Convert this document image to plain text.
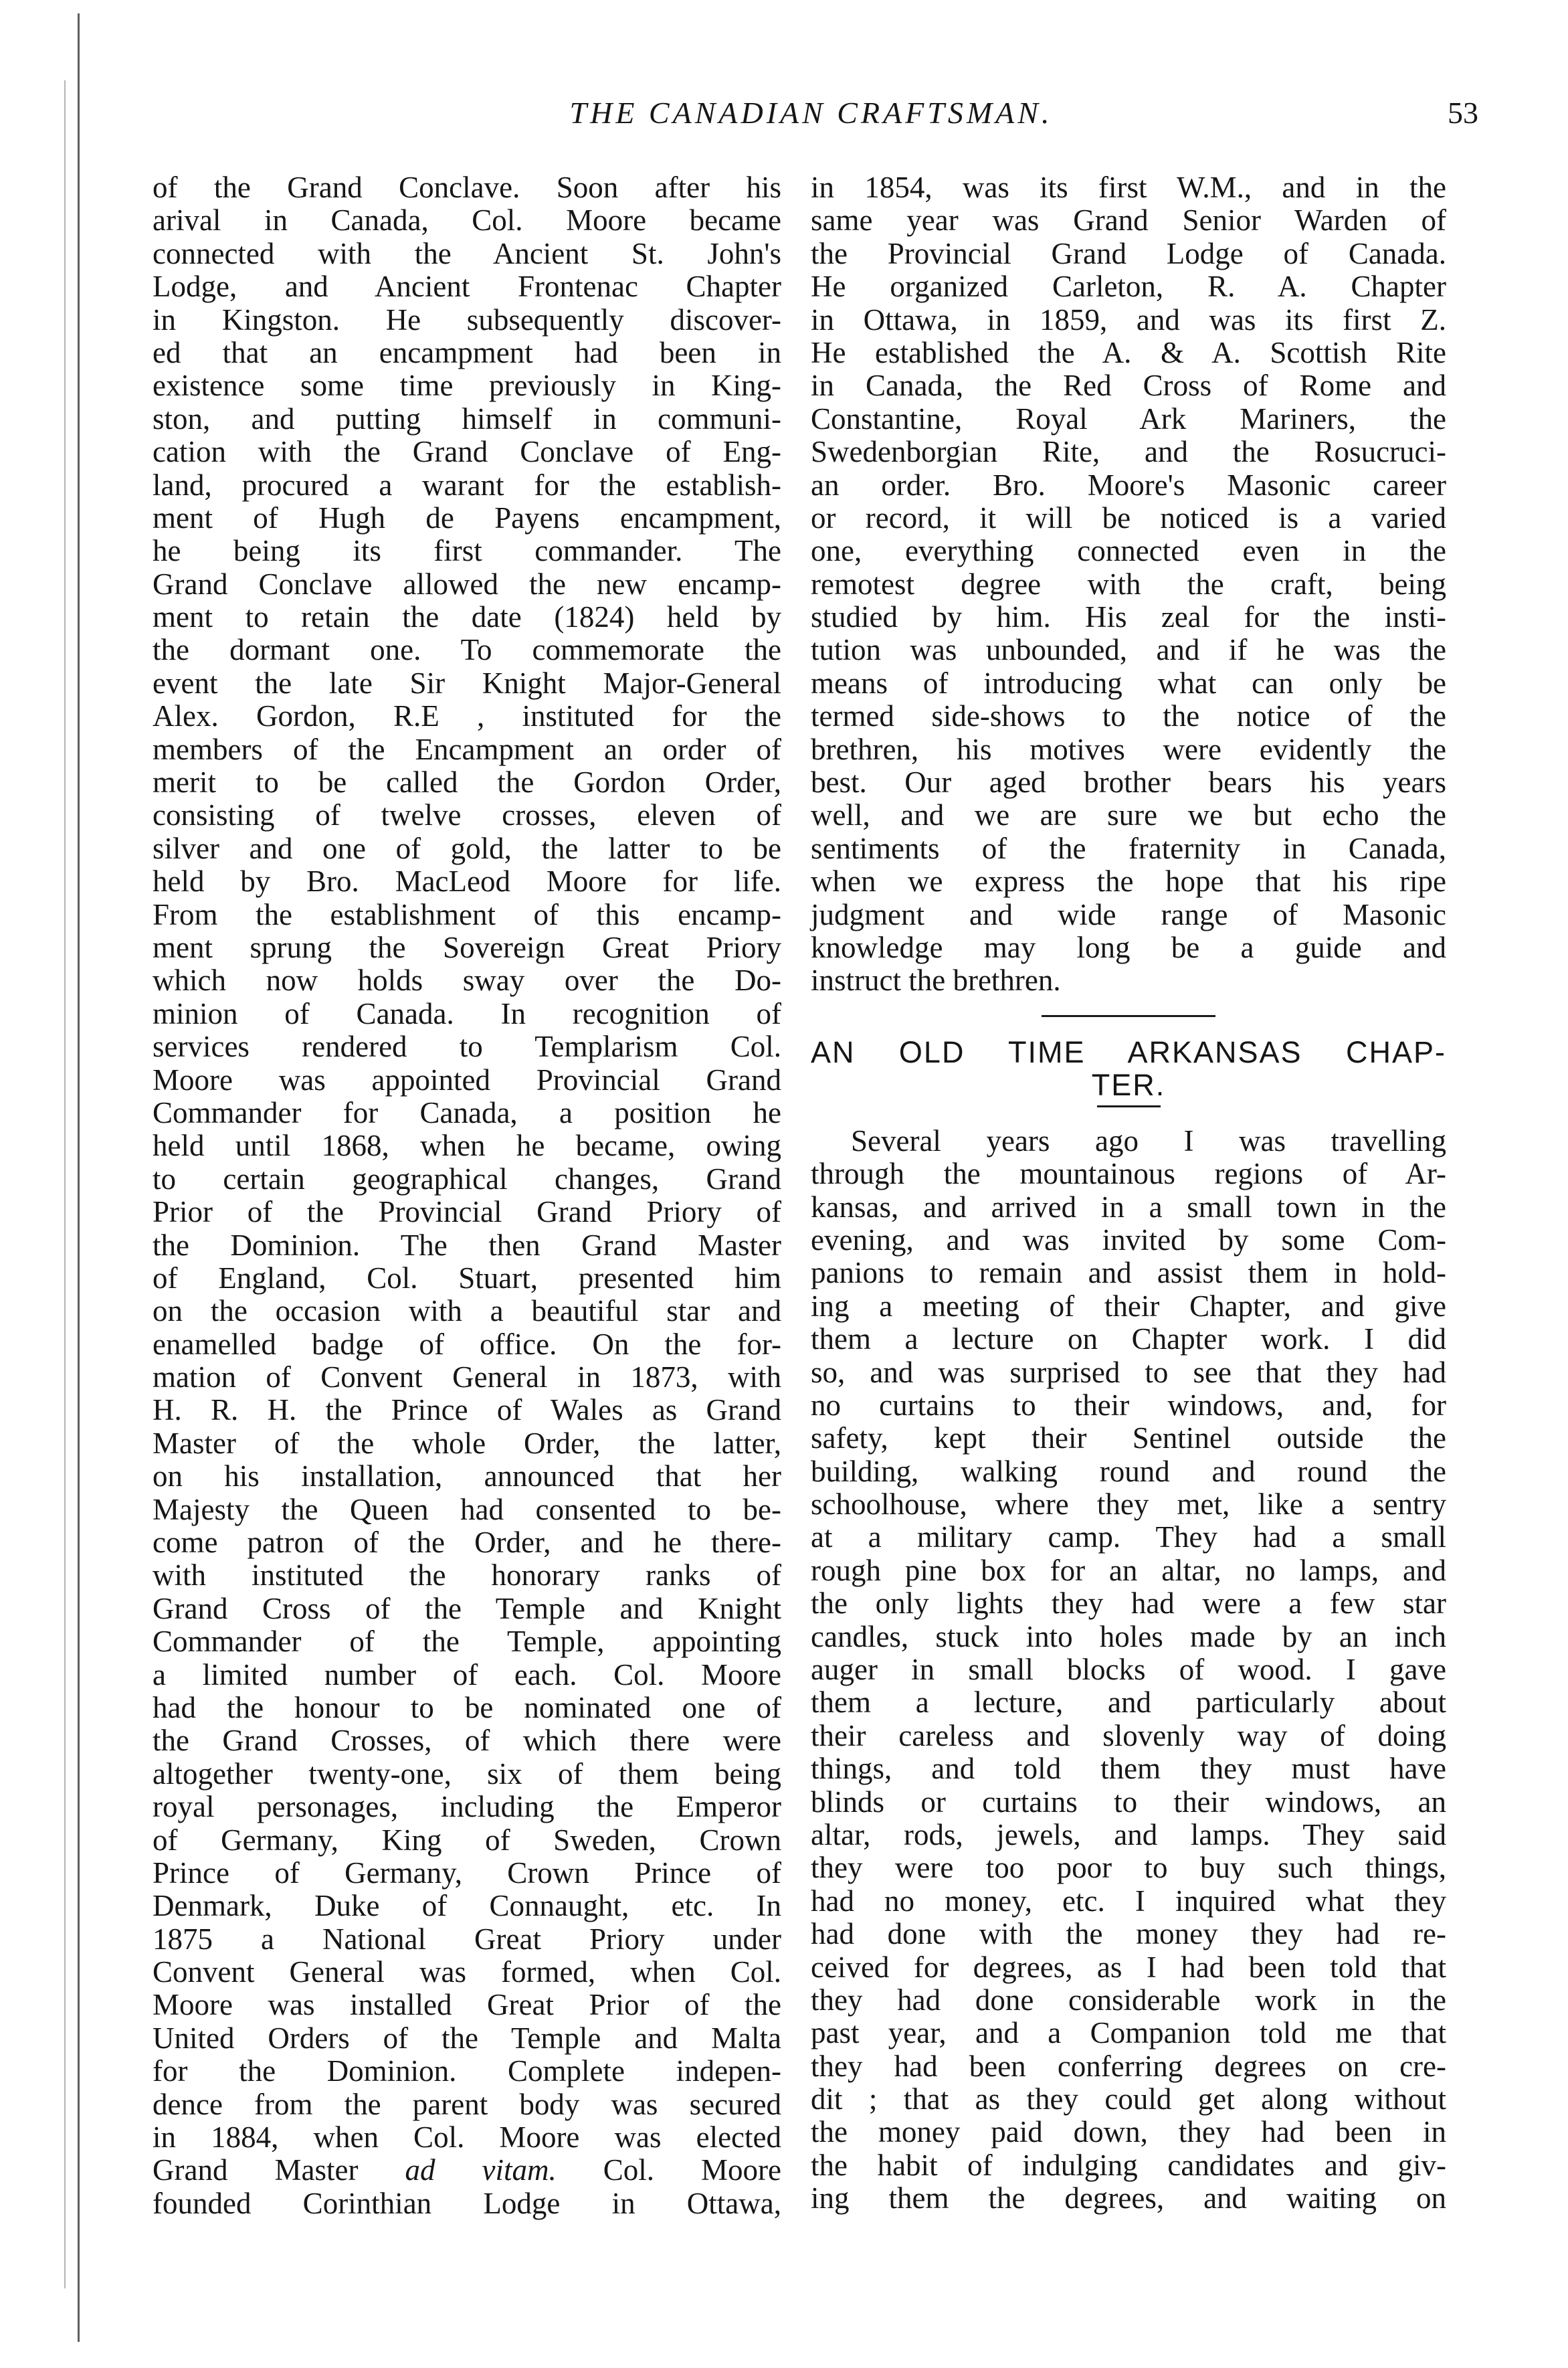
THE CANADIAN CRAFTSMAN.	53
of the Grand Conclave. Soon after his
arival in Canada, Col. Moore became
connected with the Ancient St. John's
Lodge, and Ancient Frontenac Chapter
in Kingston. He subsequently discover-
ed that an encampment had been in
existence some time previously in King-
ston, and putting himself in communi-
cation with the Grand Conclave of Eng-
land, procured a warant for the establish-
ment of Hugh de Payens encampment,
he being its first commander. The
Grand Conclave allowed the new encamp-
ment to retain the date (1824) held by
the dormant one. To commemorate the
event the late Sir Knight Major-General
Alex. Gordon, R.E , instituted for the
members of the Encampment an order of
merit to be called the Gordon Order,
consisting of twelve crosses, eleven of
silver and one of gold, the latter to be
held by Bro. MacLeod Moore for life.
From the establishment of this encamp-
ment sprung the Sovereign Great Priory
which now holds sway over the Do-
minion of Canada. In recognition of
services rendered to Templarism Col.
Moore was appointed Provincial Grand
Commander for Canada, a position he
held until 1868, when he became, owing
to certain geographical changes, Grand
Prior of the Provincial Grand Priory of
the Dominion. The then Grand Master
of England, Col. Stuart, presented him
on the occasion with a beautiful star and
enamelled badge of office. On the for-
mation of Convent General in 1873, with
H. R. H. the Prince of Wales as Grand
Master of the whole Order, the latter,
on his installation, announced that her
Majesty the Queen had consented to be-
come patron of the Order, and he there-
with instituted the honorary ranks of
Grand Cross of the Temple and Knight
Commander of the Temple, appointing
a limited number of each. Col. Moore
had the honour to be nominated one of
the Grand Crosses, of which there were
altogether twenty-one, six of them being
royal personages, including the Emperor
of Germany, King of Sweden, Crown
Prince of Germany, Crown Prince of
Denmark, Duke of Connaught, etc. In
1875 a National Great Priory under
Convent General was formed, when Col.
Moore was installed Great Prior of the
United Orders of the Temple and Malta
for the Dominion. Complete indepen-
dence from the parent body was secured
in 1884, when Col. Moore was elected
Grand Master ad vitam. Col. Moore
founded Corinthian Lodge in Ottawa,
in 1854, was its first W.M., and in the
same year was Grand Senior Warden of
the Provincial Grand Lodge of Canada.
He organized Carleton, R. A. Chapter
in Ottawa, in 1859, and was its first Z.
He established the A. & A. Scottish Rite
in Canada, the Red Cross of Rome and
Constantine, Royal Ark Mariners, the
Swedenborgian Rite, and the Rosucruci-
an order. Bro. Moore's Masonic career
or record, it will be noticed is a varied
one, everything connected even in the
remotest degree with the craft, being
studied by him. His zeal for the insti-
tution was unbounded, and if he was the
means of introducing what can only be
termed side-shows to the notice of the
brethren, his motives were evidently the
best. Our aged brother bears his years
well, and we are sure we but echo the
sentiments of the fraternity in Canada,
when we express the hope that his ripe
judgment and wide range of Masonic
knowledge may long be a guide and
instruct the brethren.
AN OLD TIME ARKANSAS CHAP-
TER.
Several years ago I was travelling
through the mountainous regions of Ar-
kansas, and arrived in a small town in the
evening, and was invited by some Com-
panions to remain and assist them in hold-
ing a meeting of their Chapter, and give
them a lecture on Chapter work. I did
so, and was surprised to see that they had
no curtains to their windows, and, for
safety, kept their Sentinel outside the
building, walking round and round the
schoolhouse, where they met, like a sentry
at a military camp. They had a small
rough pine box for an altar, no lamps, and
the only lights they had were a few star
candles, stuck into holes made by an inch
auger in small blocks of wood. I gave
them a lecture, and particularly about
their careless and slovenly way of doing
things, and told them they must have
blinds or curtains to their windows, an
altar, rods, jewels, and lamps. They said
they were too poor to buy such things,
had no money, etc. I inquired what they
had done with the money they had re-
ceived for degrees, as I had been told that
they had done considerable work in the
past year, and a Companion told me that
they had been conferring degrees on cre-
dit ; that as they could get along without
the money paid down, they had been in
the habit of indulging candidates and giv-
ing them the degrees, and waiting on
